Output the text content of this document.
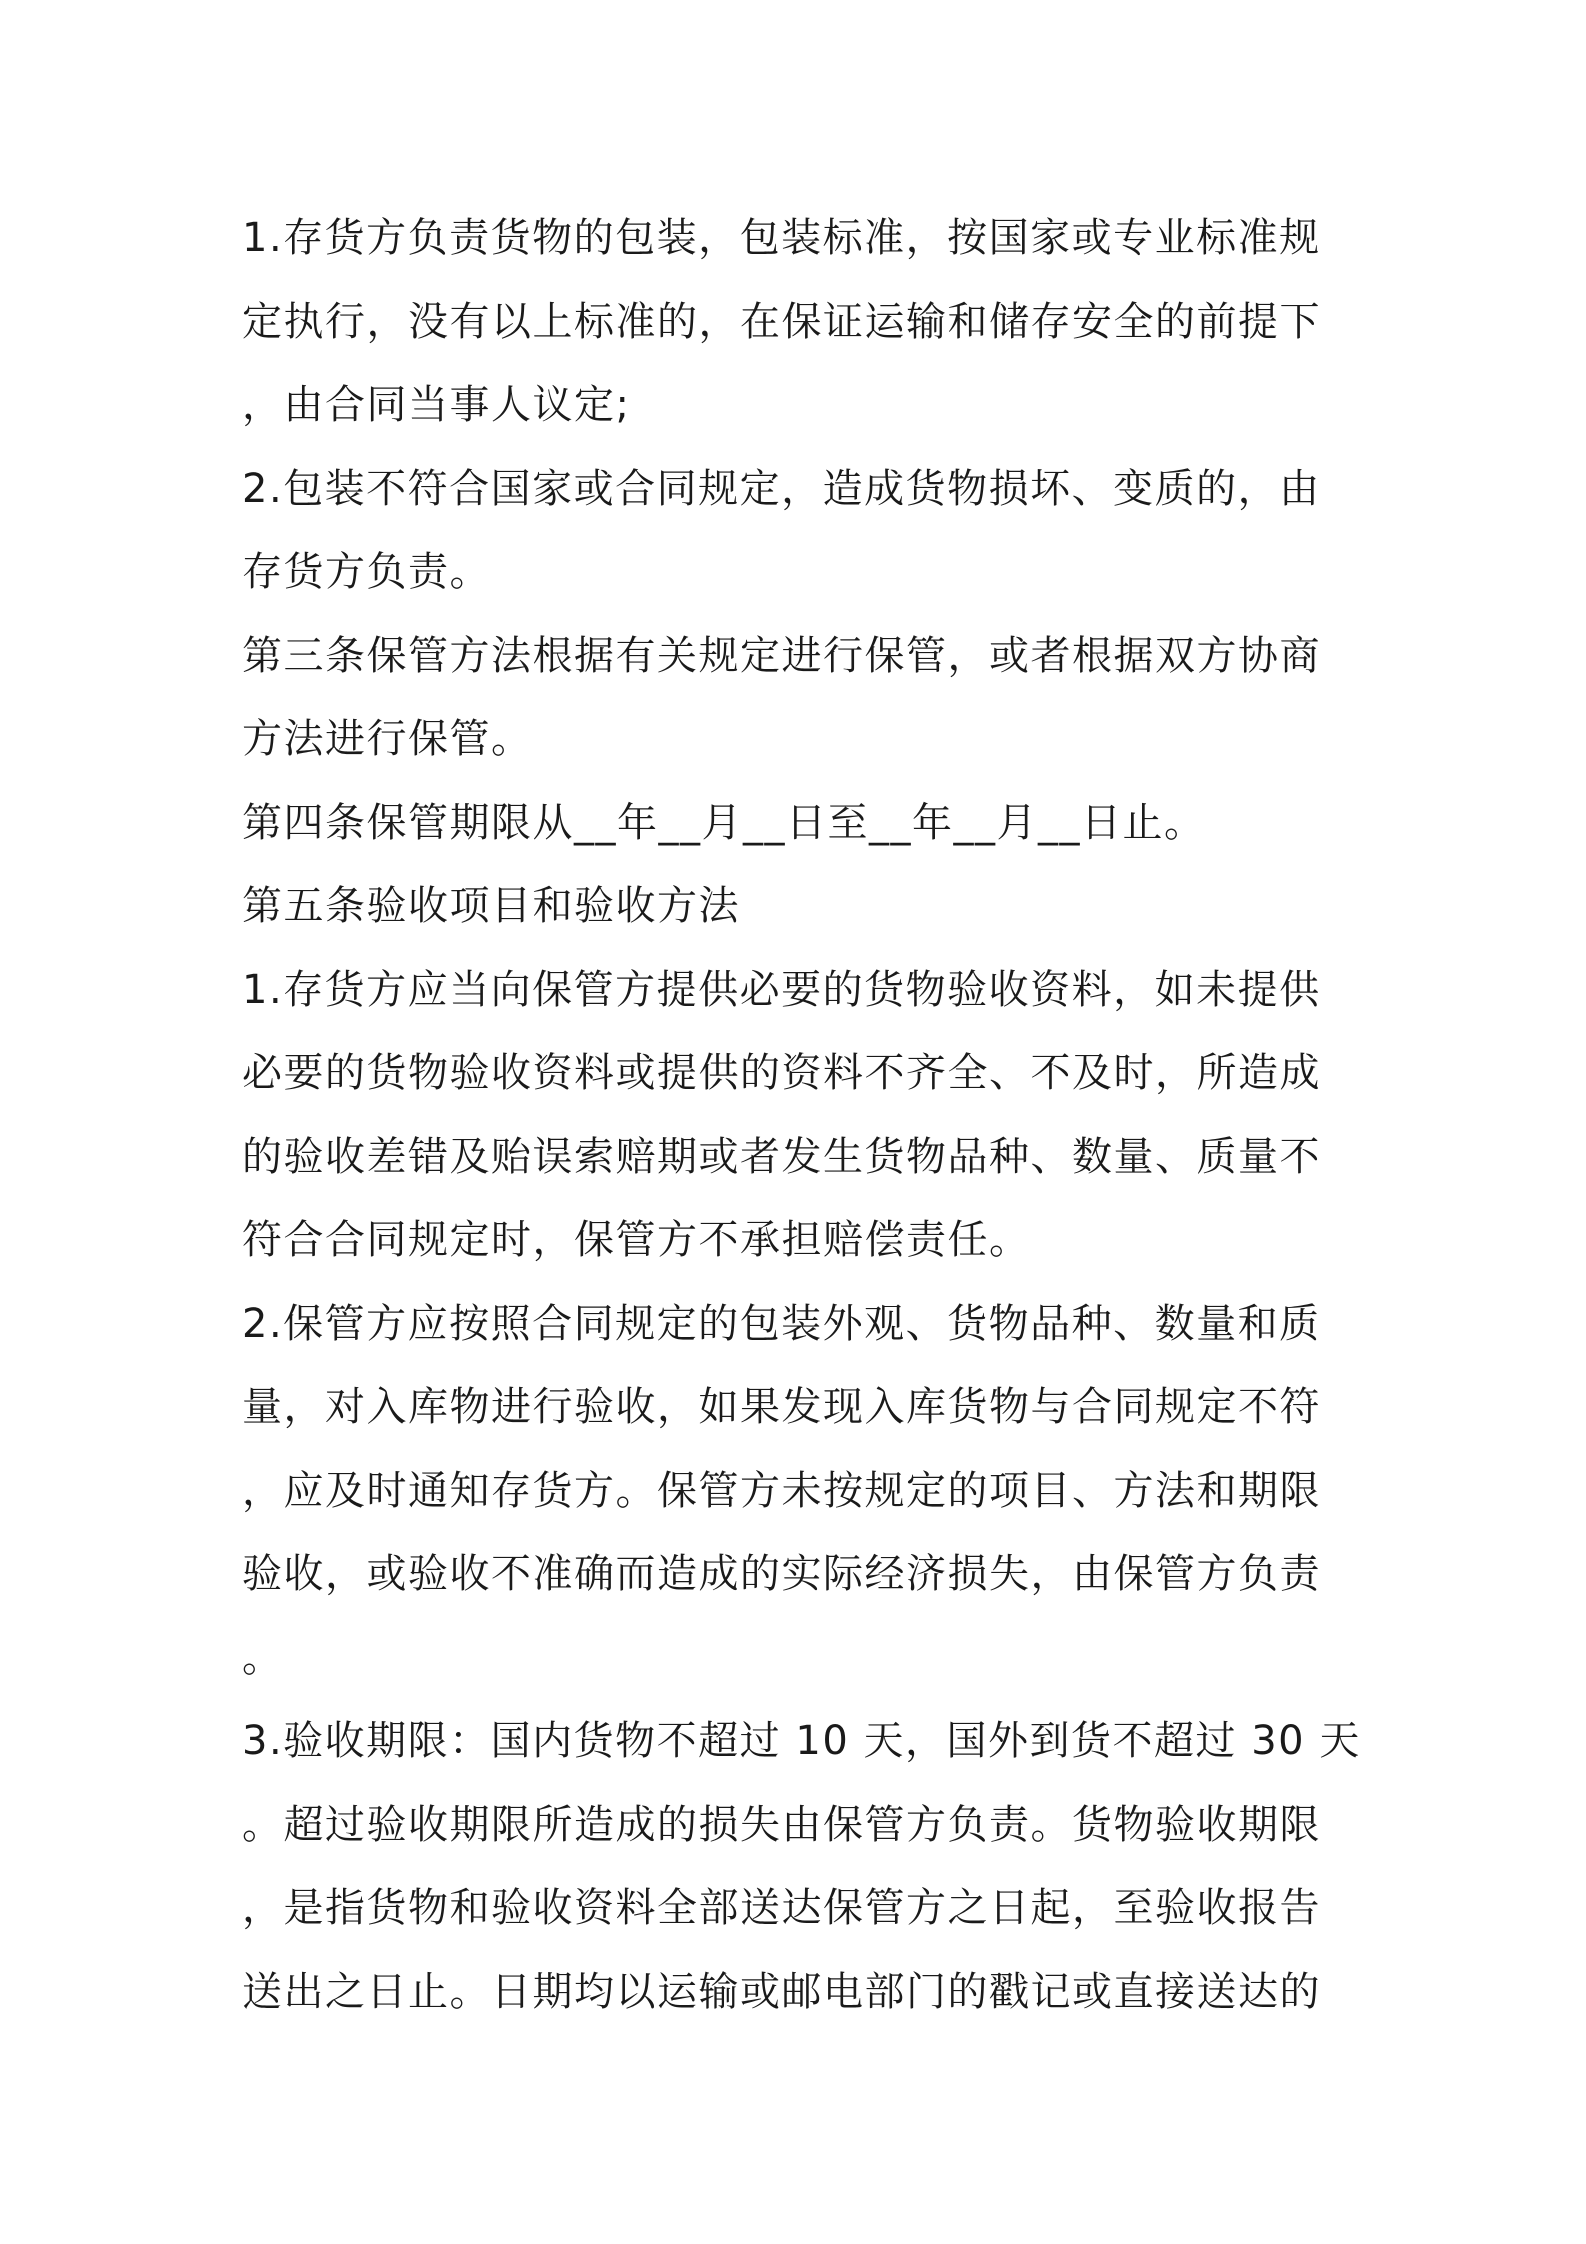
1.存货方负责货物的包装，包装标准，按国家或专业标准规
定执行，没有以上标准的，在保证运输和储存安全的前提下
，由合同当事人议定;
2.包装不符合国家或合同规定，造成货物损坏、变质的，由
存货方负责。
第三条保管方法根据有关规定进行保管，或者根据双方协商
方法进行保管。
第四条保管期限从__年__月__日至__年__月__日止。
第五条验收项目和验收方法
1.存货方应当向保管方提供必要的货物验收资料，如未提供
必要的货物验收资料或提供的资料不齐全、不及时，所造成
的验收差错及贻误索赔期或者发生货物品种、数量、质量不
符合合同规定时，保管方不承担赔偿责任。
2.保管方应按照合同规定的包装外观、货物品种、数量和质
量，对入库物进行验收，如果发现入库货物与合同规定不符
，应及时通知存货方。保管方未按规定的项目、方法和期限
验收，或验收不准确而造成的实际经济损失，由保管方负责
。
3.验收期限：国内货物不超过 10 天，国外到货不超过 30 天
。超过验收期限所造成的损失由保管方负责。货物验收期限
，是指货物和验收资料全部送达保管方之日起，至验收报告
送出之日止。日期均以运输或邮电部门的戳记或直接送达的
